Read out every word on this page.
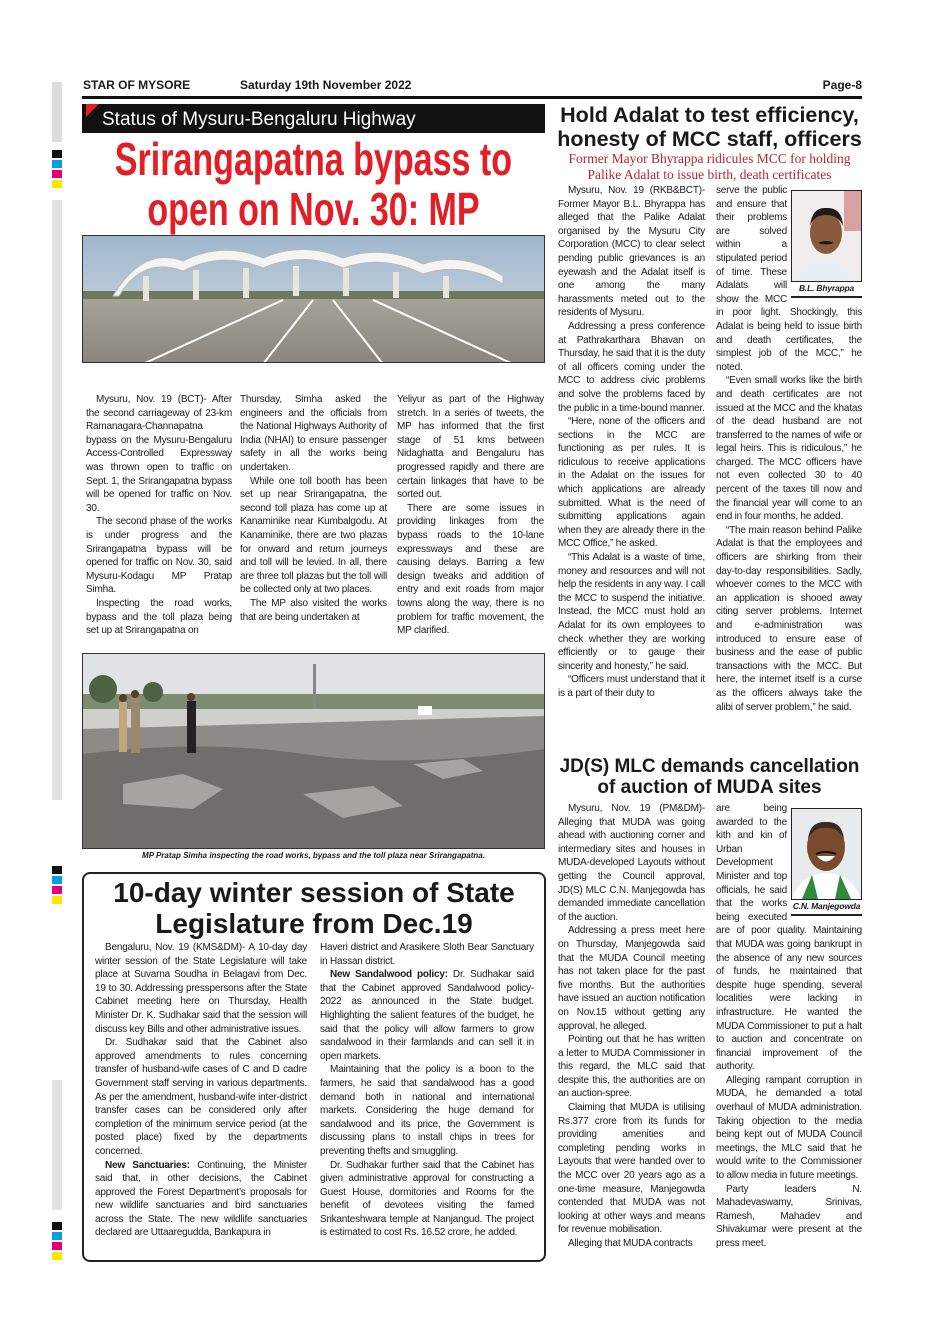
STAR OF MYSORE	Saturday 19th November 2022	Page-8
Status of Mysuru-Bengaluru Highway
Srirangapatna bypass to
open on Nov. 30: MP

Mysuru, Nov. 19 (BCT)- After the second carriageway of 23-km Ramanagara-Channapatna bypass on the Mysuru-Bengaluru Access-Controlled Expressway was thrown open to traffic on Sept. 1, the Srirangapatna bypass will be opened for traffic on Nov. 30.

The second phase of the works is under progress and the Srirangapatna bypass will be opened for traffic on Nov. 30, said Mysuru-Kodagu MP Pratap Simha.

Inspecting the road works, bypass and the toll plaza being set up at Srirangapatna on

Thursday, Simha asked the engineers and the officials from the National Highways Authority of India (NHAI) to ensure passenger safety in all the works being undertaken.

While one toll booth has been set up near Srirangapatna, the second toll plaza has come up at Kanaminike near Kumbalgodu. At Kanaminike, there are two plazas for onward and return journeys and toll will be levied. In all, there are three toll plazas but the toll will be collected only at two places.

The MP also visited the works that are being undertaken at

Yeliyur as part of the Highway stretch. In a series of tweets, the MP has informed that the first stage of 51 kms between Nidaghatta and Bengaluru has progressed rapidly and there are certain linkages that have to be sorted out.

There are some issues in providing linkages from the bypass roads to the 10-lane expressways and these are causing delays. Barring a few design tweaks and addition of entry and exit roads from major towns along the way, there is no problem for traffic movement, the MP clarified.

MP Pratap Simha inspecting the road works, bypass and the toll plaza near Srirangapatna.
10-day winter session of State
Legislature from Dec.19

Bengaluru, Nov. 19 (KMS&DM)- A 10-day day winter session of the State Legislature will take place at Suvarna Soudha in Belagavi from Dec. 19 to 30. Addressing presspersons after the State Cabinet meeting here on Thursday, Health Minister Dr. K. Sudhakar said that the session will discuss key Bills and other administrative issues.

Dr. Sudhakar said that the Cabinet also approved amendments to rules concerning transfer of husband-wife cases of C and D cadre Government staff serving in various departments. As per the amendment, husband-wife inter-district transfer cases can be considered only after completion of the minimum service period (at the posted place) fixed by the departments concerned.

New Sanctuaries: Continuing, the Minister said that, in other decisions, the Cabinet approved the Forest Department’s proposals for new wildlife sanctuaries and bird sanctuaries across the State. The new wildlife sanctuaries declared are Uttaaregudda, Bankapura in

Haveri district and Arasikere Sloth Bear Sanctuary in Hassan district.

New Sandalwood policy: Dr. Sudhakar said that the Cabinet approved Sandalwood policy-2022 as announced in the State budget. Highlighting the salient features of the budget, he said that the policy will allow farmers to grow sandalwood in their farmlands and can sell it in open markets.

Maintaining that the policy is a boon to the farmers, he said that sandalwood has a good demand both in national and international markets. Considering the huge demand for sandalwood and its price, the Government is discussing plans to install chips in trees for preventing thefts and smuggling.

Dr. Sudhakar further said that the Cabinet has given administrative approval for constructing a Guest House, dormitories and Rooms for the benefit of devotees visiting the famed Srikanteshwara temple at Nanjangud. The project is estimated to cost Rs. 16.52 crore, he added.

Hold Adalat to test efficiency,
honesty of MCC staff, officers
Former Mayor Bhyrappa ridicules MCC for holding
Palike Adalat to issue birth, death certificates

Mysuru, Nov. 19 (RKB&BCT)- Former Mayor B.L. Bhyrappa has alleged that the Palike Adalat organised by the Mysuru City Corporation (MCC) to clear select pending public grievances is an eyewash and the Adalat itself is one among the many harassments meted out to the residents of Mysuru.

Addressing a press conference at Pathrakarthara Bhavan on Thursday, he said that it is the duty of all officers coming under the MCC to address civic problems and solve the problems faced by the public in a time-bound manner.

“Here, none of the officers and sections in the MCC are functioning as per rules. It is ridiculous to receive applications in the Adalat on the issues for which applications are already submitted. What is the need of submitting applications again when they are already there in the MCC Office,” he asked.

“This Adalat is a waste of time, money and resources and will not help the residents in any way. I call the MCC to suspend the initiative. Instead, the MCC must hold an Adalat for its own employees to check whether they are working efficiently or to gauge their sincerity and honesty,” he said.

“Officers must understand that it is a part of their duty to

B.L. Bhyrappa

serve the public and ensure that their problems are solved within a stipulated period of time. These Adalats will show the MCC in poor light. Shockingly, this Adalat is being held to issue birth and death certificates, the simplest job of the MCC,” he noted.

“Even small works like the birth and death certificates are not issued at the MCC and the khatas of the dead husband are not transferred to the names of wife or legal heirs. This is ridiculous,” he charged. The MCC officers have not even collected 30 to 40 percent of the taxes till now and the financial year will come to an end in four months, he added.

“The main reason behind Palike Adalat is that the employees and officers are shirking from their day-to-day responsibilities. Sadly, whoever comes to the MCC with an application is shooed away citing server problems. Internet and e-administration was introduced to ensure ease of business and the ease of public transactions with the MCC. But here, the internet itself is a curse as the officers always take the alibi of server problem,” he said.

JD(S) MLC demands cancellation
of auction of MUDA sites

Mysuru, Nov. 19 (PM&DM)- Alleging that MUDA was going ahead with auctioning corner and intermediary sites and houses in MUDA-developed Layouts without getting the Council approval, JD(S) MLC C.N. Manjegowda has demanded immediate cancellation of the auction.

Addressing a press meet here on Thursday, Manjegowda said that the MUDA Council meeting has not taken place for the past five months. But the authorities have issued an auction notification on Nov.15 without getting any approval, he alleged.

Pointing out that he has written a letter to MUDA Commissioner in this regard, the MLC said that despite this, the authorities are on an auction-spree.

Claiming that MUDA is utilising Rs.377 crore from its funds for providing amenities and completing pending works in Layouts that were handed over to the MCC over 20 years ago as a one-time measure, Manjegowda contended that MUDA was not looking at other ways and means for revenue mobilisation.

Alleging that MUDA contracts

C.N. Manjegowda

are being awarded to the kith and kin of Urban Development Minister and top officials, he said that the works being executed are of poor quality. Maintaining that MUDA was going bankrupt in the absence of any new sources of funds, he maintained that despite huge spending, several localities were lacking in infrastructure. He wanted the MUDA Commissioner to put a halt to auction and concentrate on financial improvement of the authority.

Alleging rampant corruption in MUDA, he demanded a total overhaul of MUDA administration. Taking objection to the media being kept out of MUDA Council meetings, the MLC said that he would write to the Commissioner to allow media in future meetings.

Party leaders N. Mahadevaswamy, Srinivas, Ramesh, Mahadev and Shivakumar were present at the press meet.
